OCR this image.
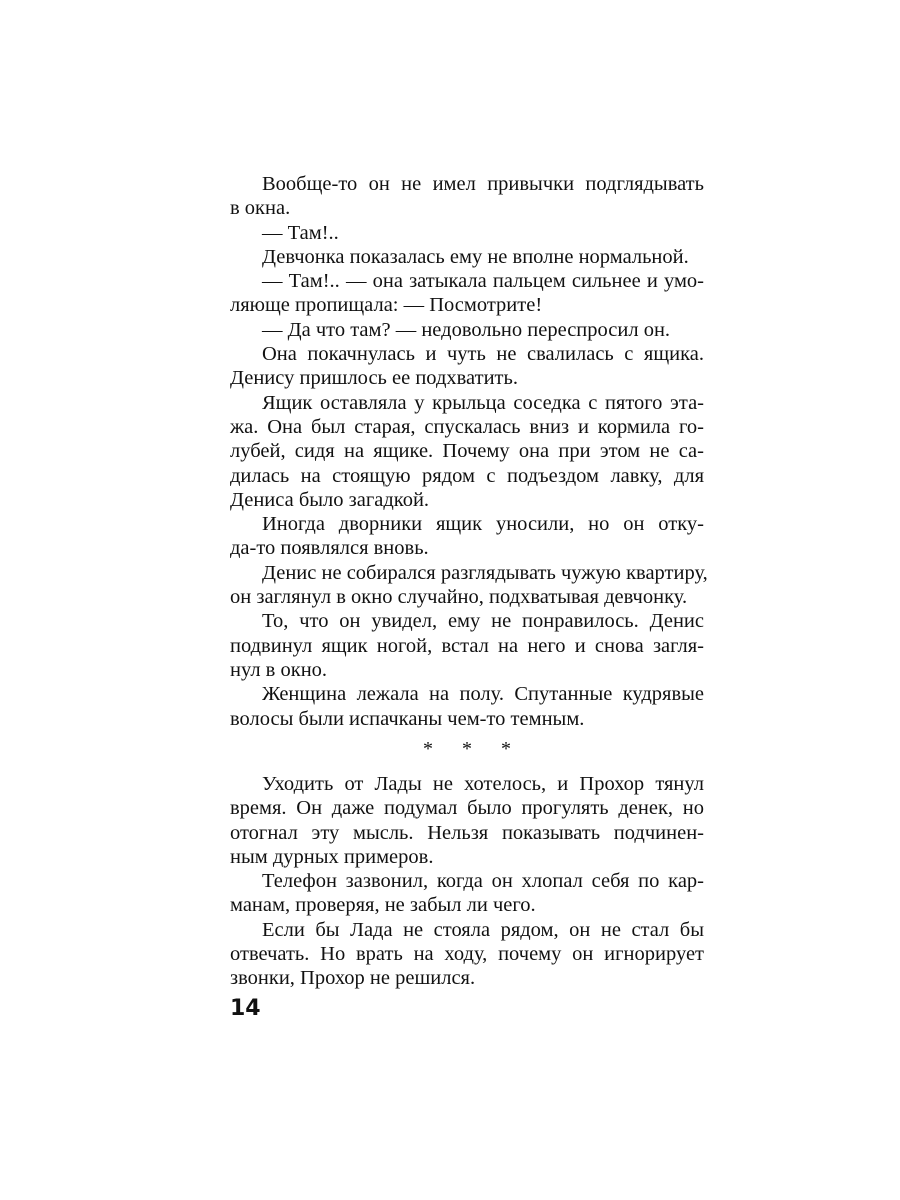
Вообще-то он не имел привычки подглядывать
в окна.
— Там!..
Девчонка показалась ему не вполне нормальной.
— Там!.. — она затыкала пальцем сильнее и умо-
ляюще пропищала: — Посмотрите!
— Да что там? — недовольно переспросил он.
Она покачнулась и чуть не свалилась с ящика.
Денису пришлось ее подхватить.
Ящик оставляла у крыльца соседка с пятого эта-
жа. Она был старая, спускалась вниз и кормила го-
лубей, сидя на ящике. Почему она при этом не са-
дилась на стоящую рядом с подъездом лавку, для
Дениса было загадкой.
Иногда дворники ящик уносили, но он отку-
да-то появлялся вновь.
Денис не собирался разглядывать чужую квартиру,
он заглянул в окно случайно, подхватывая девчонку.
То, что он увидел, ему не понравилось. Денис
подвинул ящик ногой, встал на него и снова загля-
нул в окно.
Женщина лежала на полу. Спутанные кудрявые
волосы были испачканы чем-то темным.
* * *
Уходить от Лады не хотелось, и Прохор тянул
время. Он даже подумал было прогулять денек, но
отогнал эту мысль. Нельзя показывать подчинен-
ным дурных примеров.
Телефон зазвонил, когда он хлопал себя по кар-
манам, проверяя, не забыл ли чего.
Если бы Лада не стояла рядом, он не стал бы
отвечать. Но врать на ходу, почему он игнорирует
звонки, Прохор не решился.
14
